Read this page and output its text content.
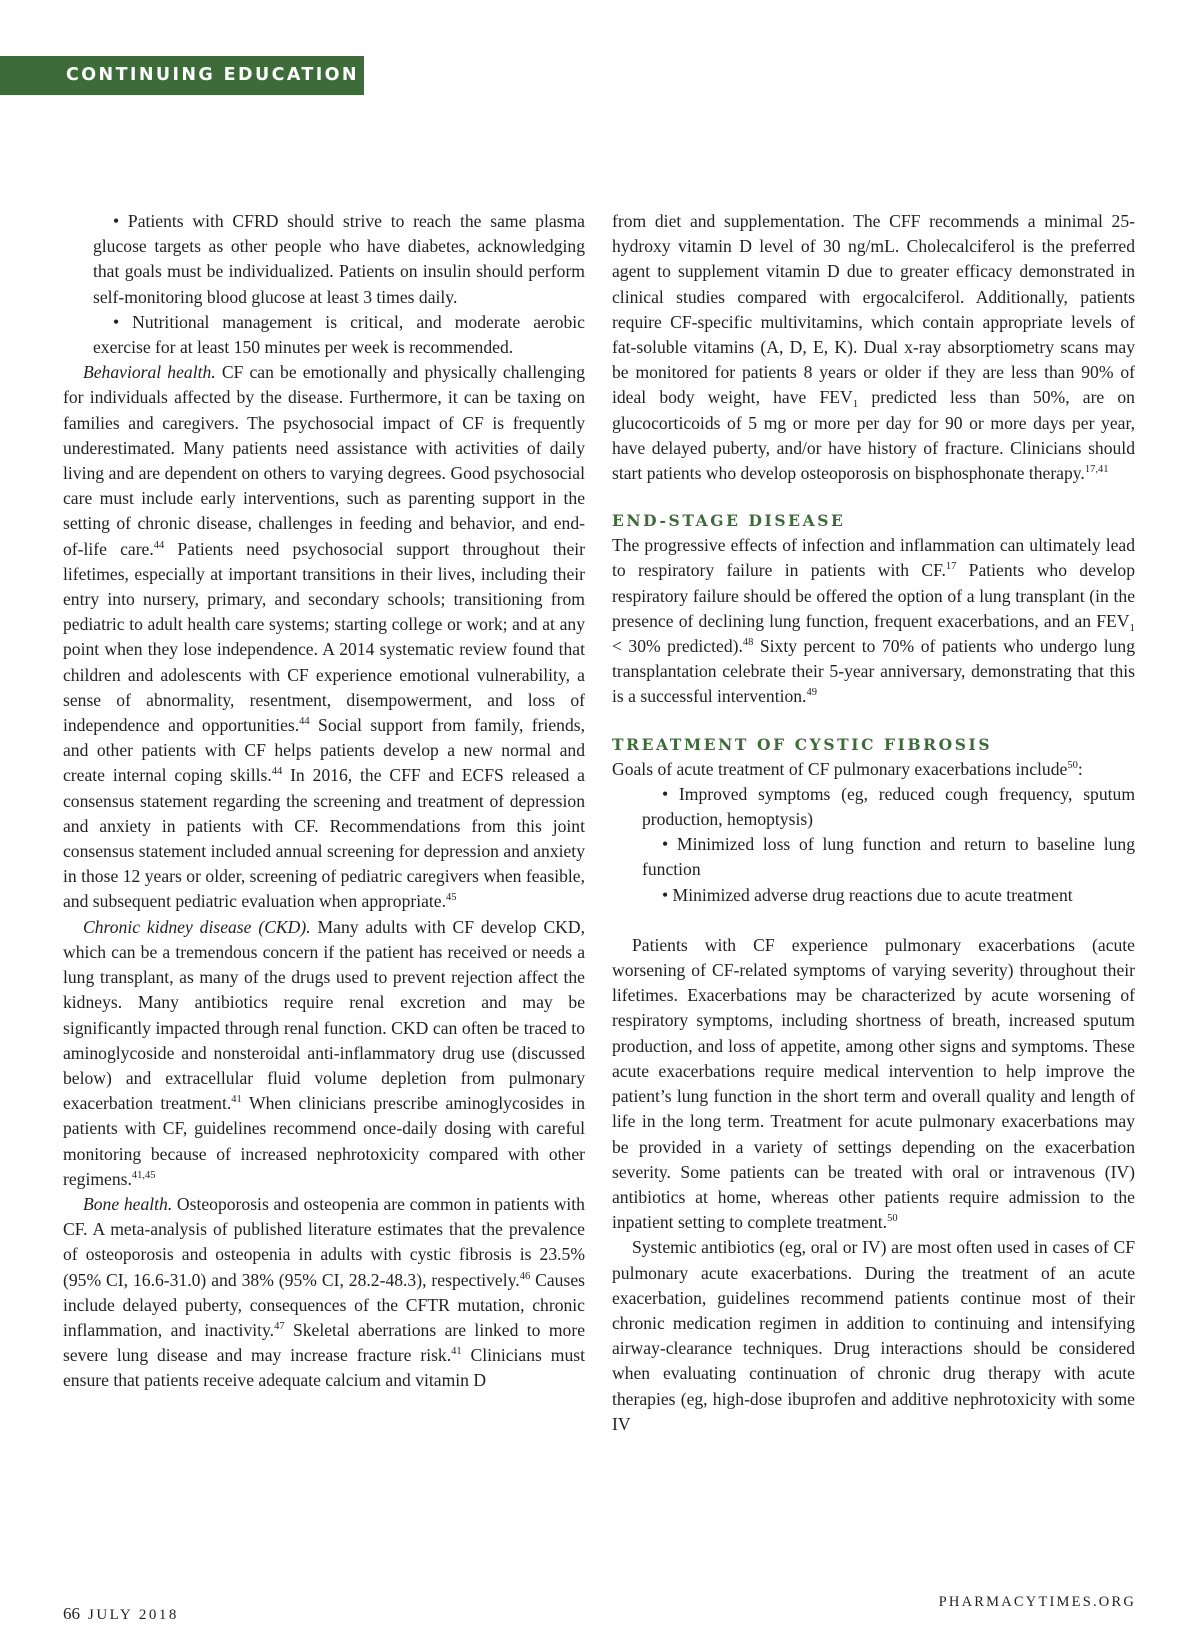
CONTINUING EDUCATION

• Patients with CFRD should strive to reach the same plasma glucose targets as other people who have diabetes, acknowledging that goals must be individualized. Patients on insulin should perform self-monitoring blood glucose at least 3 times daily.

• Nutritional management is critical, and moderate aerobic exercise for at least 150 minutes per week is recommended.

Behavioral health. CF can be emotionally and physically challenging for individuals affected by the disease. Furthermore, it can be taxing on families and caregivers. The psychosocial impact of CF is frequently underestimated. Many patients need assistance with activities of daily living and are dependent on others to varying degrees. Good psychosocial care must include early interventions, such as parenting support in the setting of chronic disease, challenges in feeding and behavior, and end-of-life care.$^{44}$ Patients need psychosocial support throughout their lifetimes, especially at important transitions in their lives, including their entry into nursery, primary, and secondary schools; transitioning from pediatric to adult health care systems; starting college or work; and at any point when they lose independence. A 2014 systematic review found that children and adolescents with CF experience emotional vulnerability, a sense of abnormality, resentment, disempowerment, and loss of independence and opportunities.$^{44}$ Social support from family, friends, and other patients with CF helps patients develop a new normal and create internal coping skills.$^{44}$ In 2016, the CFF and ECFS released a consensus statement regarding the screening and treatment of depression and anxiety in patients with CF. Recommendations from this joint consensus statement included annual screening for depression and anxiety in those 12 years or older, screening of pediatric caregivers when feasible, and subsequent pediatric evaluation when appropriate.$^{45}$

Chronic kidney disease (CKD). Many adults with CF develop CKD, which can be a tremendous concern if the patient has received or needs a lung transplant, as many of the drugs used to prevent rejection affect the kidneys. Many antibiotics require renal excretion and may be significantly impacted through renal function. CKD can often be traced to aminoglycoside and nonsteroidal anti-inflammatory drug use (discussed below) and extracellular fluid volume depletion from pulmonary exacerbation treatment.$^{41}$ When clinicians prescribe aminoglycosides in patients with CF, guidelines recommend once-daily dosing with careful monitoring because of increased nephrotoxicity compared with other regimens.$^{41,45}$

Bone health. Osteoporosis and osteopenia are common in patients with CF. A meta-analysis of published literature estimates that the prevalence of osteoporosis and osteopenia in adults with cystic fibrosis is 23.5% (95% CI, 16.6-31.0) and 38% (95% CI, 28.2-48.3), respectively.$^{46}$ Causes include delayed puberty, consequences of the CFTR mutation, chronic inflammation, and inactivity.$^{47}$ Skeletal aberrations are linked to more severe lung disease and may increase fracture risk.$^{41}$ Clinicians must ensure that patients receive adequate calcium and vitamin D

from diet and supplementation. The CFF recommends a minimal 25-hydroxy vitamin D level of 30 ng/mL. Cholecalciferol is the preferred agent to supplement vitamin D due to greater efficacy demonstrated in clinical studies compared with ergocalciferol. Additionally, patients require CF-specific multivitamins, which contain appropriate levels of fat-soluble vitamins (A, D, E, K). Dual x-ray absorptiometry scans may be monitored for patients 8 years or older if they are less than 90% of ideal body weight, have $FEV_1$ predicted less than 50%, are on glucocorticoids of 5 mg or more per day for 90 or more days per year, have delayed puberty, and/or have history of fracture. Clinicians should start patients who develop osteoporosis on bisphosphonate therapy.$^{17,41}$

END-STAGE DISEASE

The progressive effects of infection and inflammation can ultimately lead to respiratory failure in patients with CF.$^{17}$ Patients who develop respiratory failure should be offered the option of a lung transplant (in the presence of declining lung function, frequent exacerbations, and an $FEV_1 < 30\%$ predicted).$^{48}$ Sixty percent to 70% of patients who undergo lung transplantation celebrate their 5-year anniversary, demonstrating that this is a successful intervention.$^{49}$

TREATMENT OF CYSTIC FIBROSIS

Goals of acute treatment of CF pulmonary exacerbations include$^{50}$:

• Improved symptoms (eg, reduced cough frequency, sputum production, hemoptysis)

• Minimized loss of lung function and return to baseline lung function

• Minimized adverse drug reactions due to acute treatment

Patients with CF experience pulmonary exacerbations (acute worsening of CF-related symptoms of varying severity) throughout their lifetimes. Exacerbations may be characterized by acute worsening of respiratory symptoms, including shortness of breath, increased sputum production, and loss of appetite, among other signs and symptoms. These acute exacerbations require medical intervention to help improve the patient’s lung function in the short term and overall quality and length of life in the long term. Treatment for acute pulmonary exacerbations may be provided in a variety of settings depending on the exacerbation severity. Some patients can be treated with oral or intravenous (IV) antibiotics at home, whereas other patients require admission to the inpatient setting to complete treatment.$^{50}$

Systemic antibiotics (eg, oral or IV) are most often used in cases of CF pulmonary acute exacerbations. During the treatment of an acute exacerbation, guidelines recommend patients continue most of their chronic medication regimen in addition to continuing and intensifying airway-clearance techniques. Drug interactions should be considered when evaluating continuation of chronic drug therapy with acute therapies (eg, high-dose ibuprofen and additive nephrotoxicity with some IV

66 JULY 2018
PHARMACYTIMES.ORG
